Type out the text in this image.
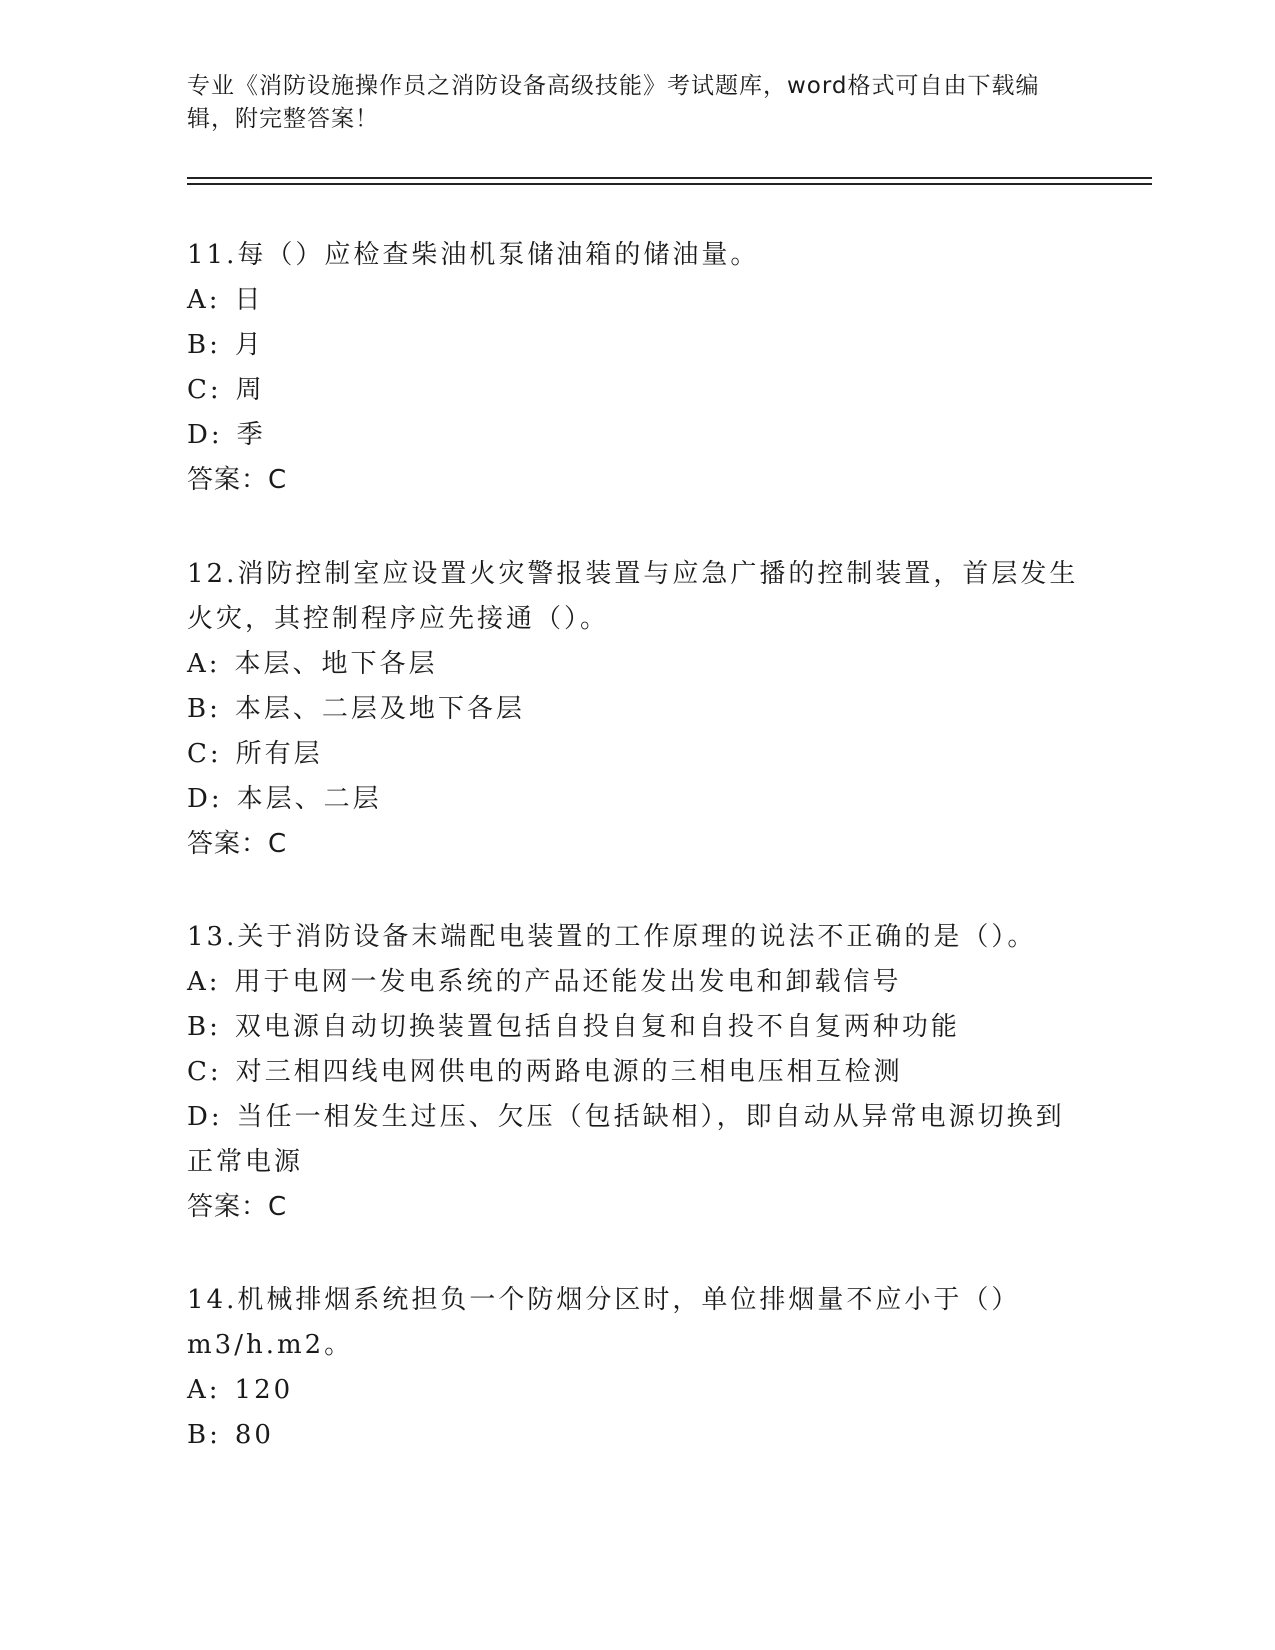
专业《消防设施操作员之消防设备高级技能》考试题库，word格式可自由下载编辑，附完整答案！

11.每（）应检查柴油机泵储油箱的储油量。

A: 日

B: 月

C: 周

D: 季

答案：C

12.消防控制室应设置火灾警报装置与应急广播的控制装置，首层发生火灾，其控制程序应先接通（）。

A: 本层、地下各层

B: 本层、二层及地下各层

C: 所有层

D: 本层、二层

答案：C

13.关于消防设备末端配电装置的工作原理的说法不正确的是（）。

A: 用于电网一发电系统的产品还能发出发电和卸载信号

B: 双电源自动切换装置包括自投自复和自投不自复两种功能

C: 对三相四线电网供电的两路电源的三相电压相互检测

D: 当任一相发生过压、欠压（包括缺相），即自动从异常电源切换到正常电源

答案：C

14.机械排烟系统担负一个防烟分区时，单位排烟量不应小于（）m3/h.m2。

A: 120

B: 80
